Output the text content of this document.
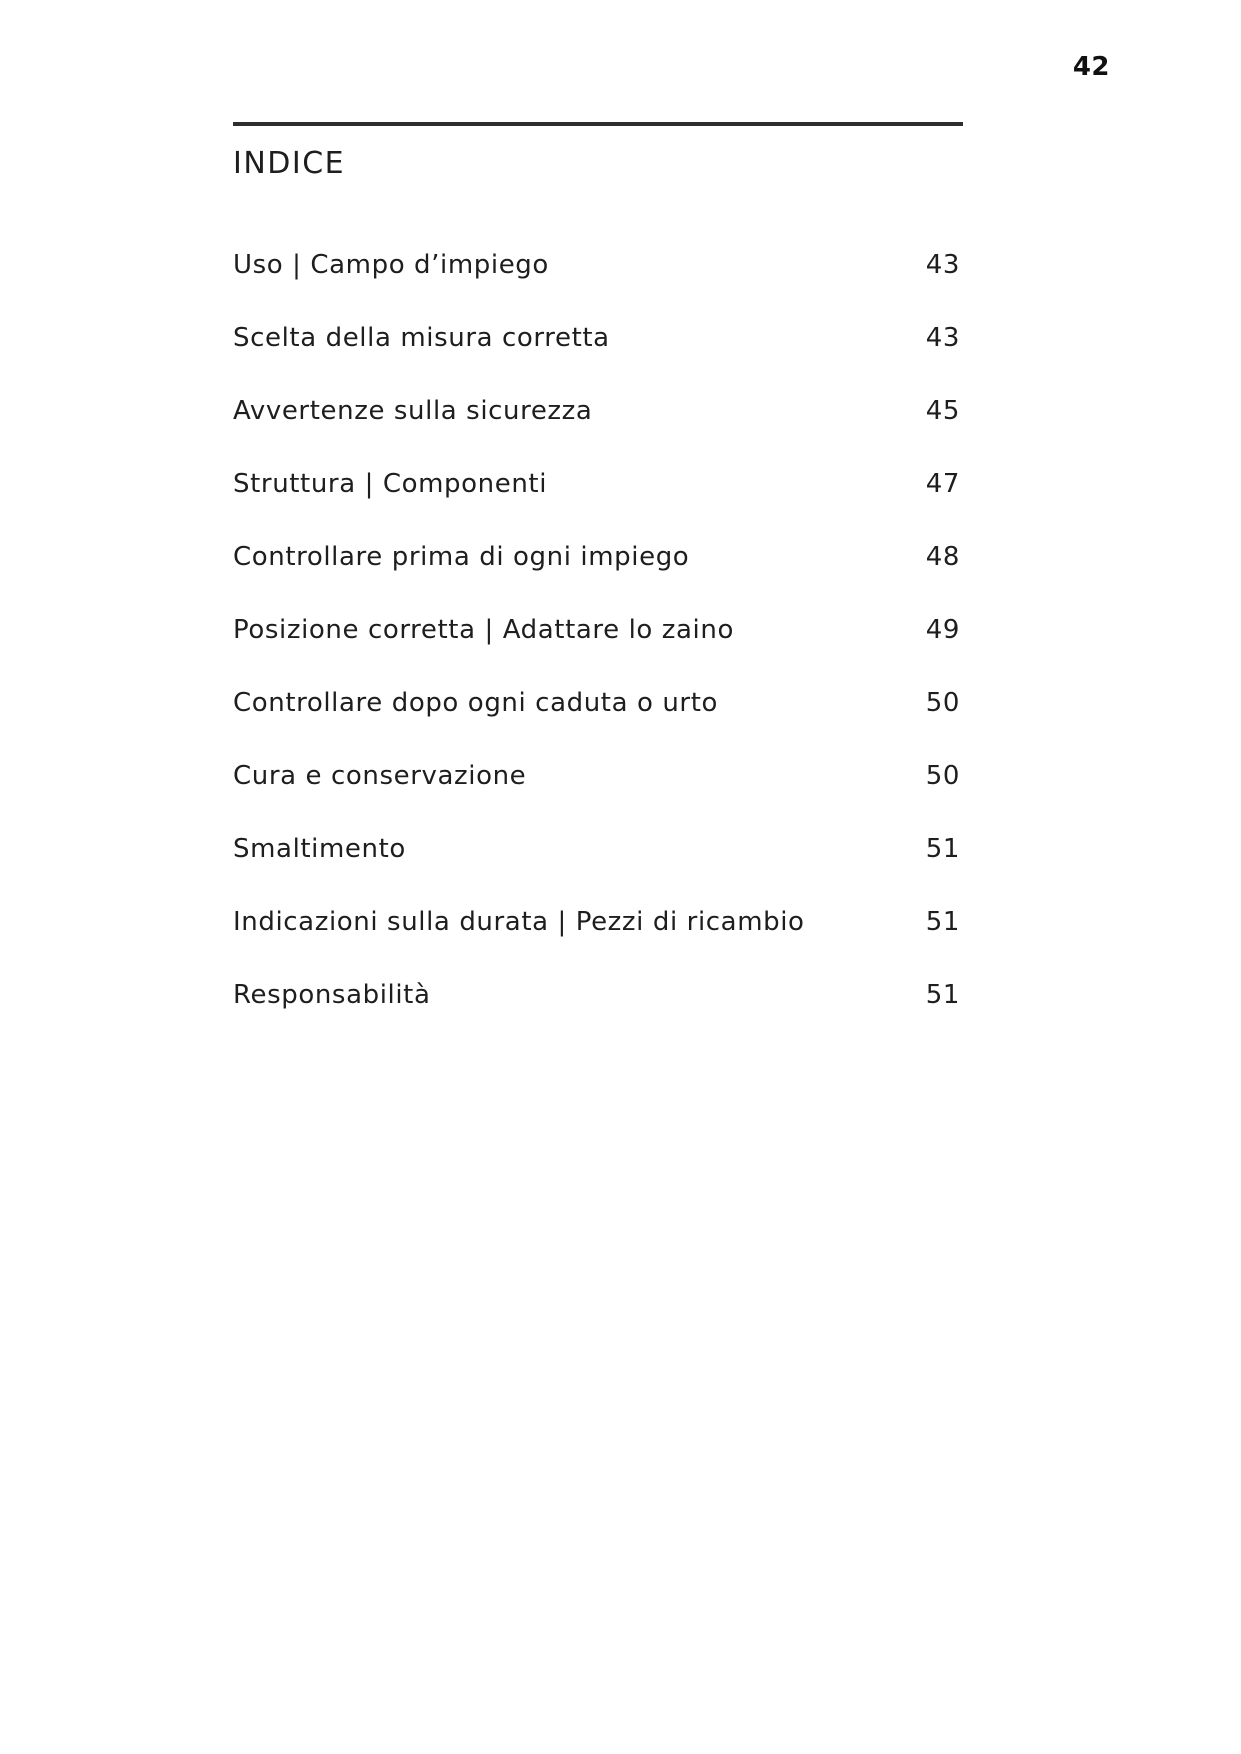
42
INDICE
Uso | Campo d’impiego	43
Scelta della misura corretta	43
Avvertenze sulla sicurezza	45
Struttura | Componenti	47
Controllare prima di ogni impiego	48
Posizione corretta | Adattare lo zaino	49
Controllare dopo ogni caduta o urto	50
Cura e conservazione	50
Smaltimento	51
Indicazioni sulla durata | Pezzi di ricambio	51
Responsabilità	51
